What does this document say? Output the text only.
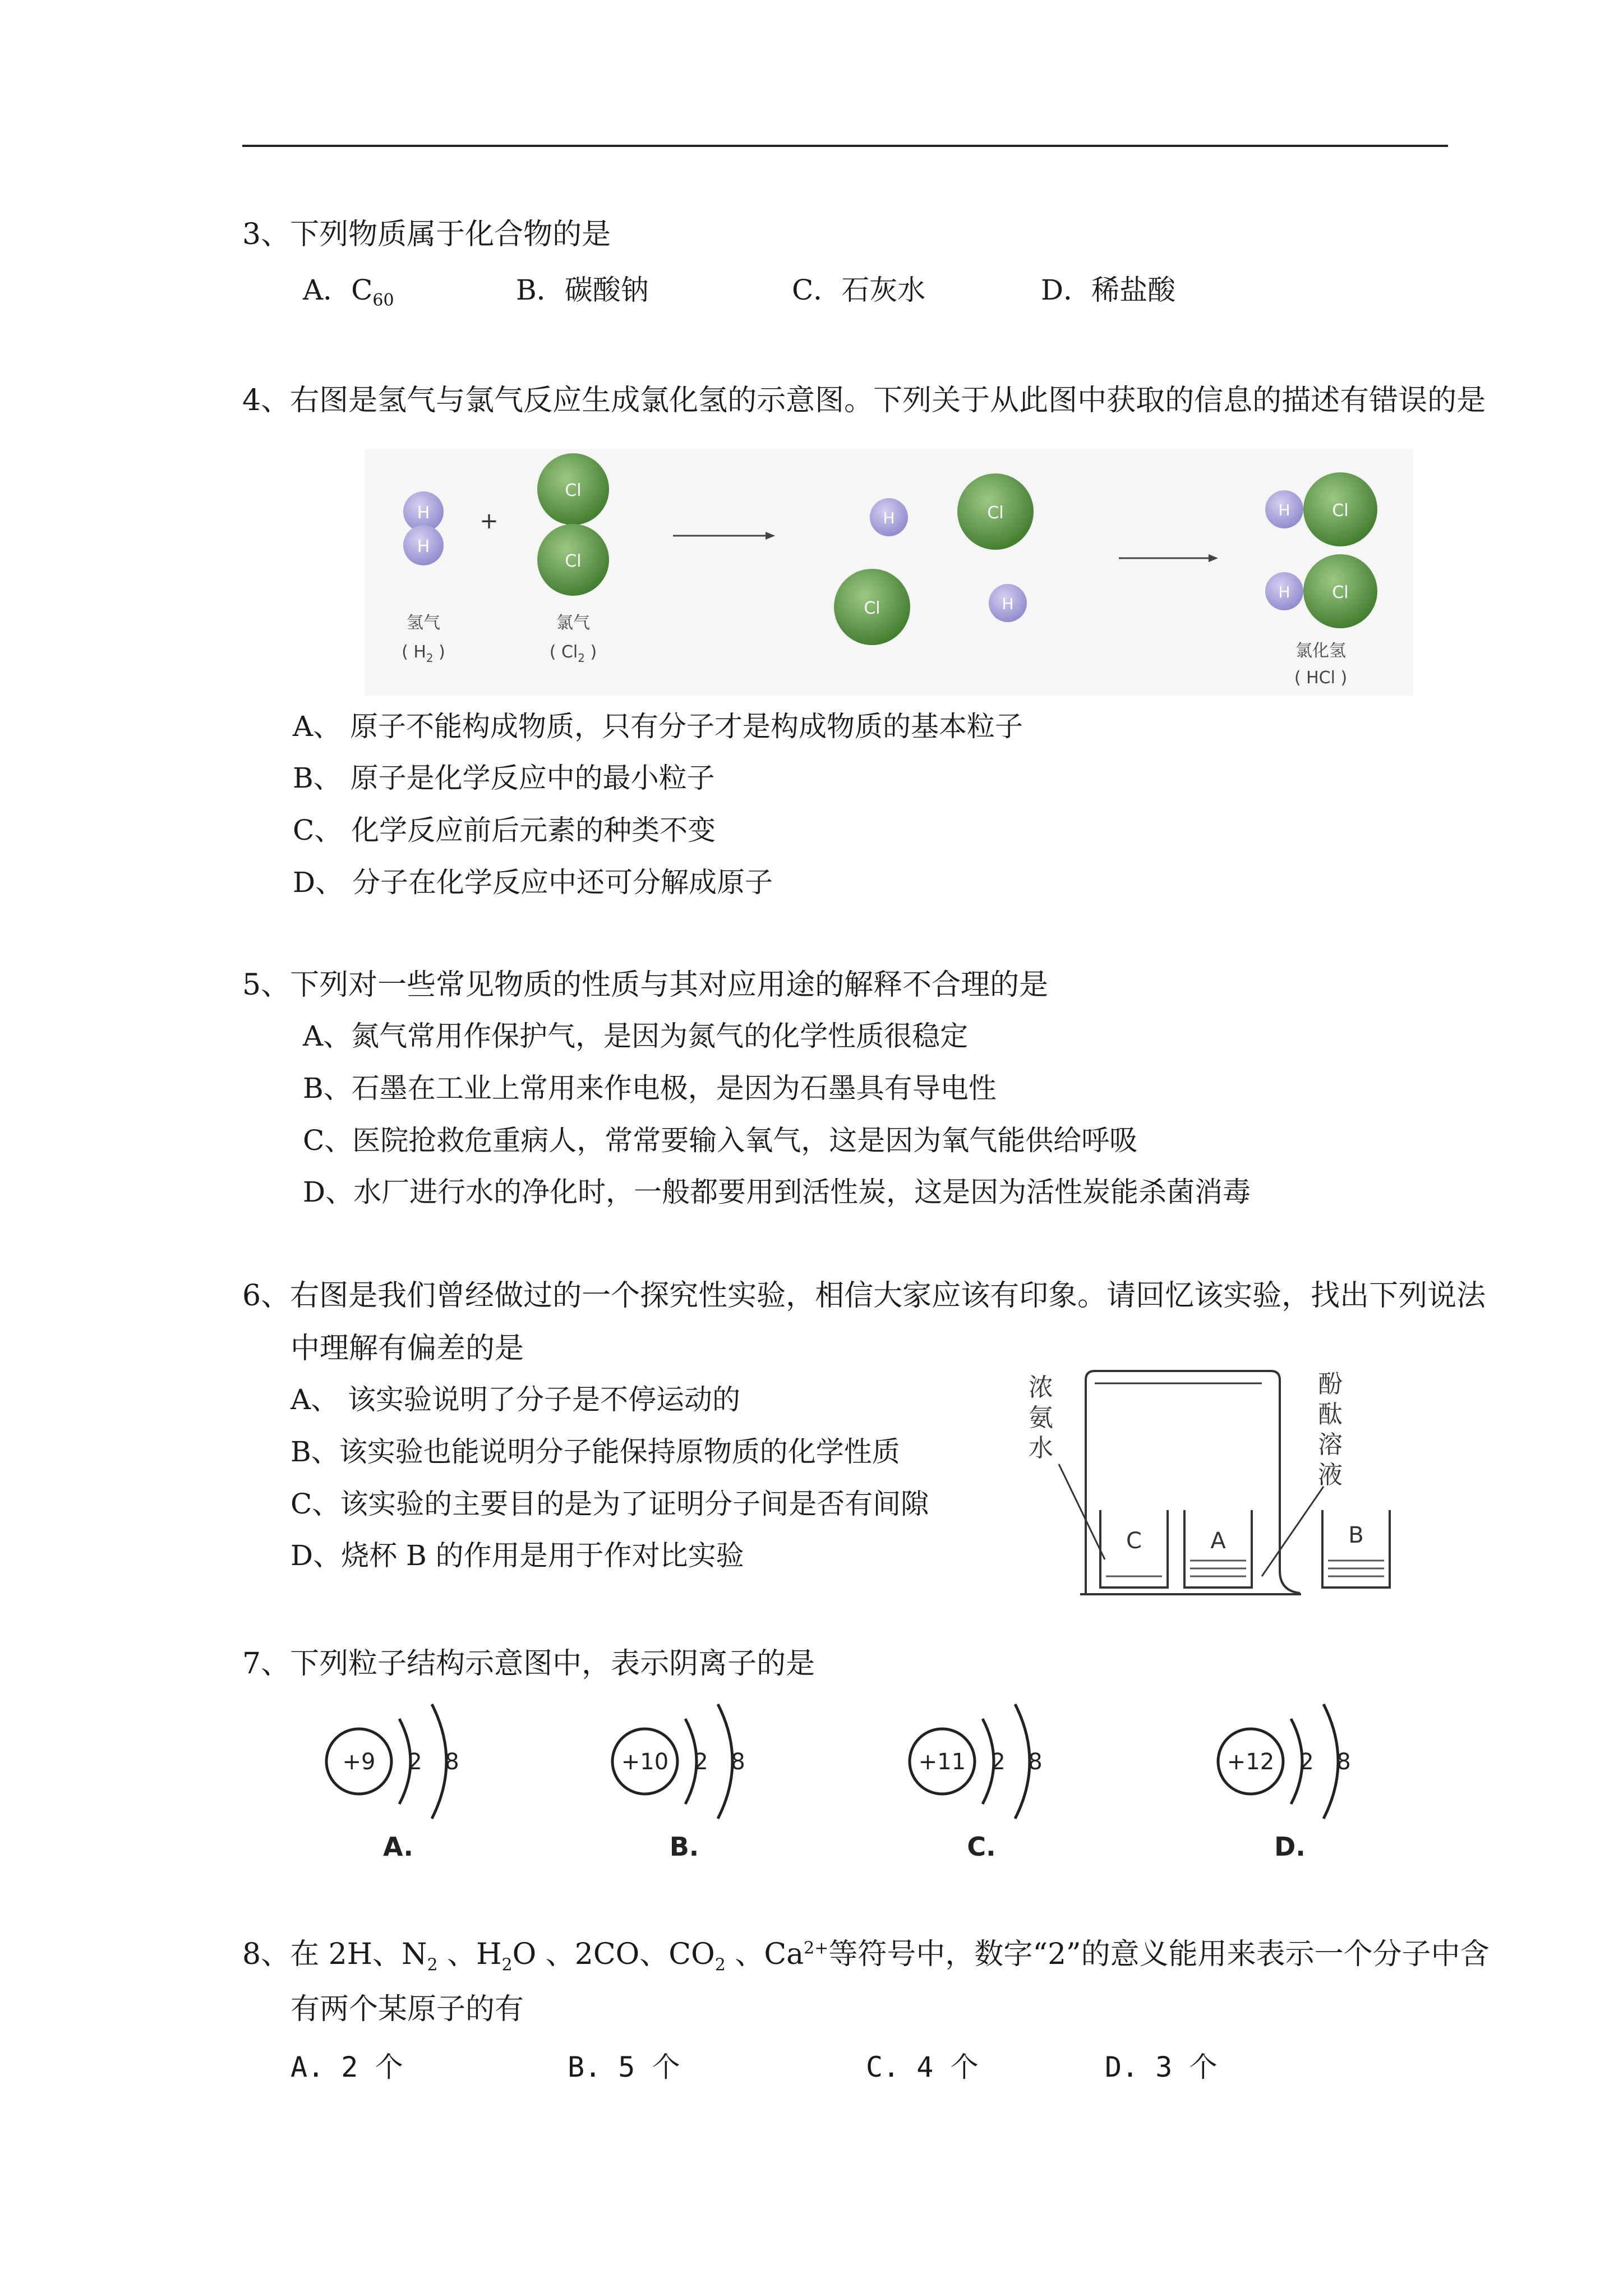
3、下列物质属于化合物的是
A．$C_{60}$	B．碳酸钠	C．石灰水	D．稀盐酸
4、右图是氢气与氯气反应生成氯化氢的示意图。下列关于从此图中获取的信息的描述有错误的是
H
H
+
Cl
Cl
氢气
( $H_2$ )
氯气
( $Cl_2$ )
H	Cl
Cl	H
H Cl
H Cl
氯化氢
( HCl )
A、 原子不能构成物质，只有分子才是构成物质的基本粒子
B、 原子是化学反应中的最小粒子
C、 化学反应前后元素的种类不变
D、 分子在化学反应中还可分解成原子
5、下列对一些常见物质的性质与其对应用途的解释不合理的是
A、氮气常用作保护气，是因为氮气的化学性质很稳定
B、石墨在工业上常用来作电极，是因为石墨具有导电性
C、医院抢救危重病人，常常要输入氧气，这是因为氧气能供给呼吸
D、水厂进行水的净化时，一般都要用到活性炭，这是因为活性炭能杀菌消毒
6、右图是我们曾经做过的一个探究性实验，相信大家应该有印象。请回忆该实验，找出下列说法
中理解有偏差的是
A、 该实验说明了分子是不停运动的
B、该实验也能说明分子能保持原物质的化学性质
C、该实验的主要目的是为了证明分子间是否有间隙
D、烧杯 B 的作用是用于作对比实验
浓
氨
水
酚
酞
溶
液
C	A	B
7、下列粒子结构示意图中，表示阴离子的是
+9 2 8
A.
+10 2 8
B.
+11 2 8
C.
+12 2 8
D.
8、在 2H、$N_2$ 、$H_2O$ 、2CO、$CO_2$ 、$Ca^{2+}$等符号中，数字“2”的意义能用来表示一个分子中含
有两个某原子的有
A. 2 个	B. 5 个	C. 4 个	D. 3 个
